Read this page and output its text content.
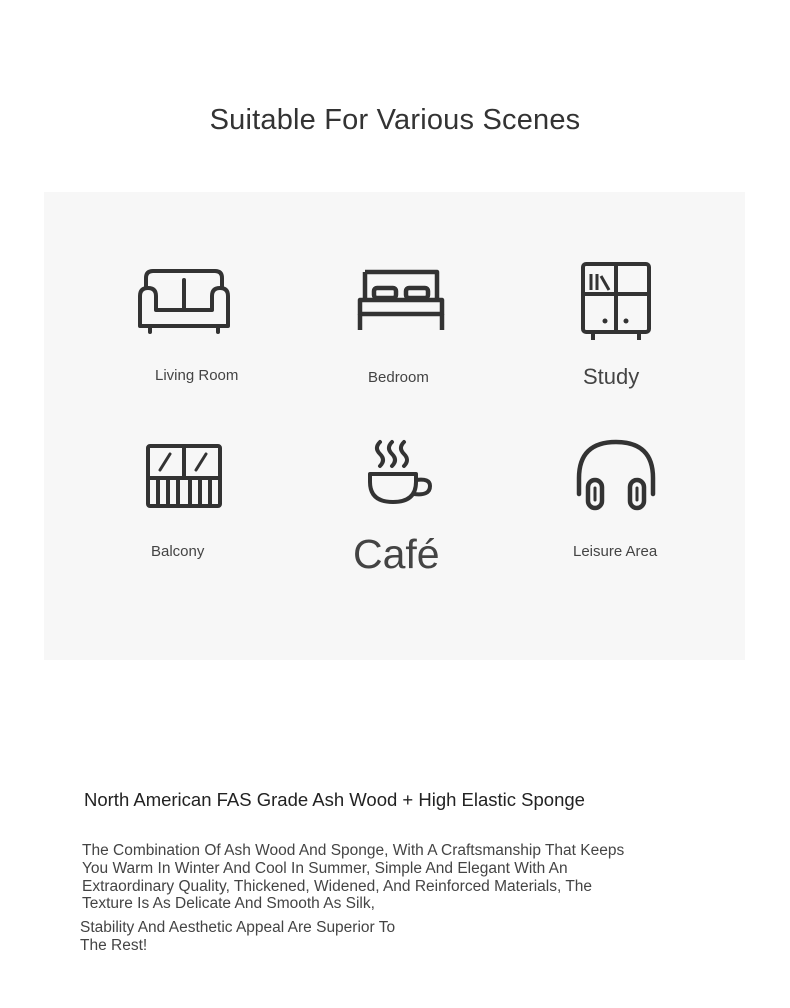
Suitable For Various Scenes
Living Room	Bedroom	Study
Balcony	Café	Leisure Area
North American FAS Grade Ash Wood + High Elastic Sponge
The Combination Of Ash Wood And Sponge, With A Craftsmanship That Keeps
You Warm In Winter And Cool In Summer, Simple And Elegant With An
Extraordinary Quality, Thickened, Widened, And Reinforced Materials, The
Texture Is As Delicate And Smooth As Silk,
Stability And Aesthetic Appeal Are Superior To
The Rest!
